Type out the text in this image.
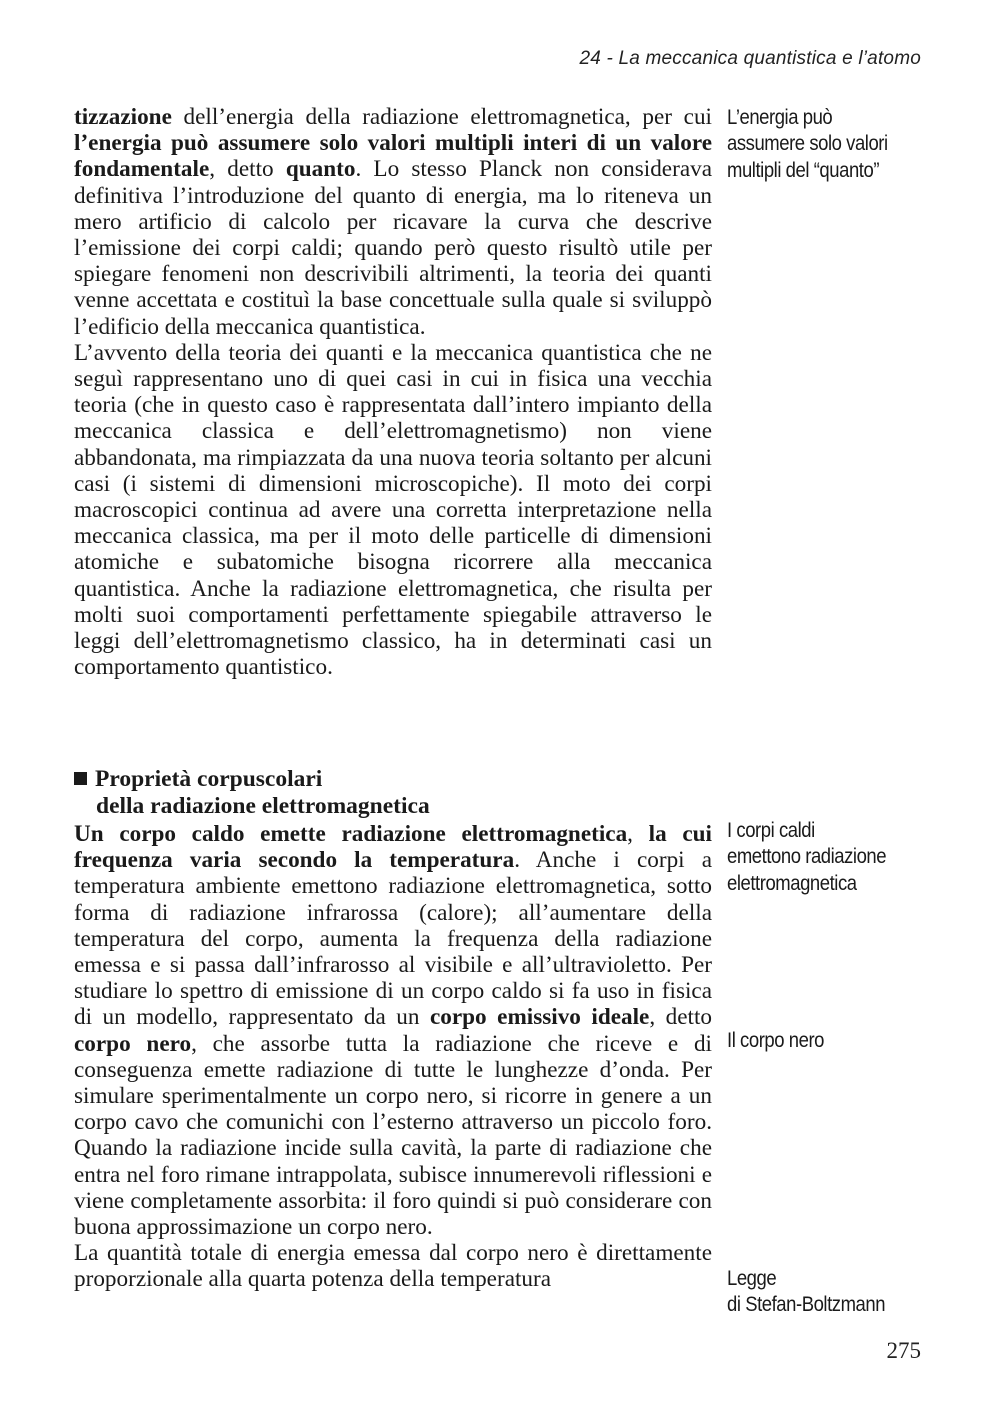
24 - La meccanica quantistica e l’atomo

tizzazione dell’energia della radiazione elettromagnetica, per cui l’energia può assumere solo valori multipli interi di un valore fondamentale, detto quanto. Lo stesso Planck non considerava definitiva l’introduzione del quanto di energia, ma lo riteneva un mero artificio di calcolo per ricavare la curva che descrive l’emissione dei corpi caldi; quando però questo risultò utile per spiegare fenomeni non descrivibili altrimenti, la teoria dei quanti venne accettata e costituì la base concettuale sulla quale si sviluppò l’edificio della meccanica quantistica.

L’avvento della teoria dei quanti e la meccanica quantistica che ne seguì rappresentano uno di quei casi in cui in fisica una vecchia teoria (che in questo caso è rappresentata dall’intero impianto della meccanica classica e dell’elettromagnetismo) non viene abbandonata, ma rimpiazzata da una nuova teoria soltanto per alcuni casi (i sistemi di dimensioni microscopiche). Il moto dei corpi macroscopici continua ad avere una corretta interpretazione nella meccanica classica, ma per il moto delle particelle di dimensioni atomiche e subatomiche bisogna ricorrere alla meccanica quantistica. Anche la radiazione elettromagnetica, che risulta per molti suoi comportamenti perfettamente spiegabile attraverso le leggi dell’elettromagnetismo classico, ha in determinati casi un comportamento quantistico.

Proprietà corpuscolari
della radiazione elettromagnetica

Un corpo caldo emette radiazione elettromagnetica, la cui frequenza varia secondo la temperatura. Anche i corpi a temperatura ambiente emettono radiazione elettromagnetica, sotto forma di radiazione infrarossa (calore); all’aumentare della temperatura del corpo, aumenta la frequenza della radiazione emessa e si passa dall’infrarosso al visibile e all’ultravioletto. Per studiare lo spettro di emissione di un corpo caldo si fa uso in fisica di un modello, rappresentato da un corpo emissivo ideale, detto corpo nero, che assorbe tutta la radiazione che riceve e di conseguenza emette radiazione di tutte le lunghezze d’onda. Per simulare sperimentalmente un corpo nero, si ricorre in genere a un corpo cavo che comunichi con l’esterno attraverso un piccolo foro. Quando la radiazione incide sulla cavità, la parte di radiazione che entra nel foro rimane intrappolata, subisce innumerevoli riflessioni e viene completamente assorbita: il foro quindi si può considerare con buona approssimazione un corpo nero.

La quantità totale di energia emessa dal corpo nero è direttamente proporzionale alla quarta potenza della temperatura

L’energia può
assumere solo valori
multipli del “quanto”
I corpi caldi
emettono radiazione
elettromagnetica
Il corpo nero
Legge
di Stefan-Boltzmann
275
